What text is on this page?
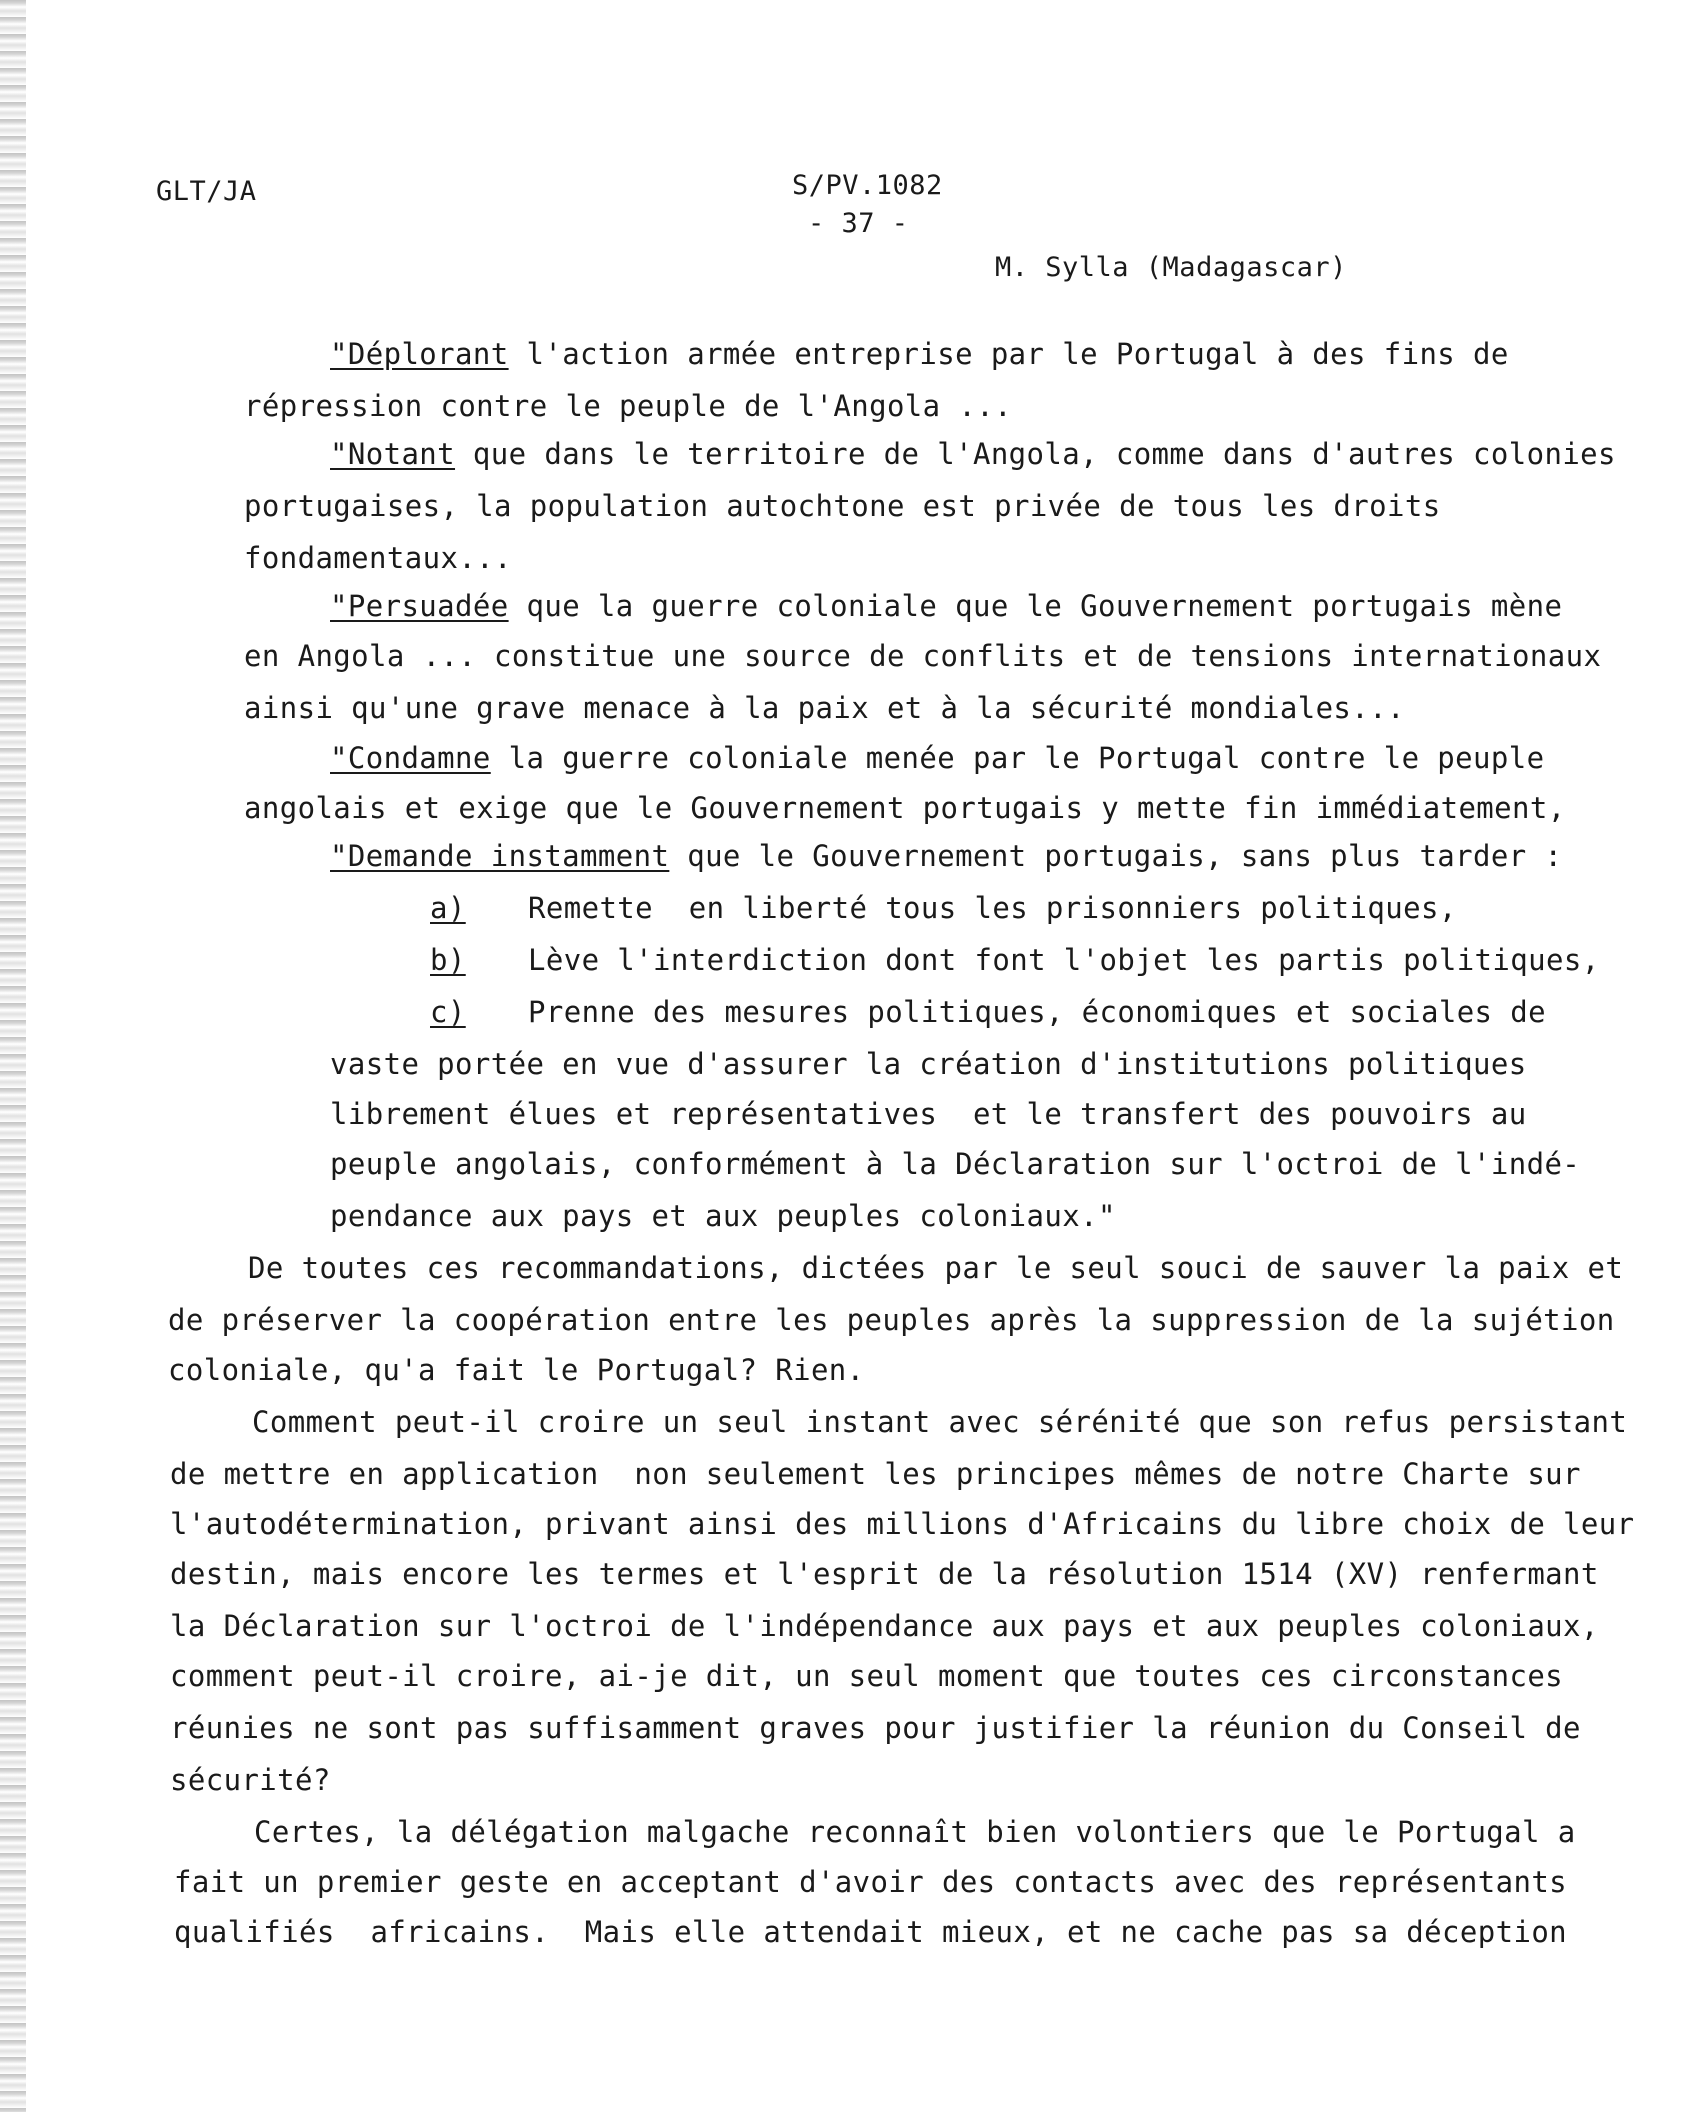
GLT/JA	S/PV.1082
- 37 -
M. Sylla (Madagascar)
"Déplorant l'action armée entreprise par le Portugal à des fins de
répression contre le peuple de l'Angola ...
"Notant que dans le territoire de l'Angola, comme dans d'autres colonies
portugaises, la population autochtone est privée de tous les droits
fondamentaux...
"Persuadée que la guerre coloniale que le Gouvernement portugais mène
en Angola ... constitue une source de conflits et de tensions internationaux
ainsi qu'une grave menace à la paix et à la sécurité mondiales...
"Condamne la guerre coloniale menée par le Portugal contre le peuple
angolais et exige que le Gouvernement portugais y mette fin immédiatement,
"Demande instamment que le Gouvernement portugais, sans plus tarder :
a) Remette  en liberté tous les prisonniers politiques,
b) Lève l'interdiction dont font l'objet les partis politiques,
c) Prenne des mesures politiques, économiques et sociales de
vaste portée en vue d'assurer la création d'institutions politiques
librement élues et représentatives  et le transfert des pouvoirs au
peuple angolais, conformément à la Déclaration sur l'octroi de l'indé-
pendance aux pays et aux peuples coloniaux."
De toutes ces recommandations, dictées par le seul souci de sauver la paix et
de préserver la coopération entre les peuples après la suppression de la sujétion
coloniale, qu'a fait le Portugal? Rien.
Comment peut-il croire un seul instant avec sérénité que son refus persistant
de mettre en application  non seulement les principes mêmes de notre Charte sur
l'autodétermination, privant ainsi des millions d'Africains du libre choix de leur
destin, mais encore les termes et l'esprit de la résolution 1514 (XV) renfermant
la Déclaration sur l'octroi de l'indépendance aux pays et aux peuples coloniaux,
comment peut-il croire, ai-je dit, un seul moment que toutes ces circonstances
réunies ne sont pas suffisamment graves pour justifier la réunion du Conseil de
sécurité?
Certes, la délégation malgache reconnaît bien volontiers que le Portugal a
fait un premier geste en acceptant d'avoir des contacts avec des représentants
qualifiés  africains.  Mais elle attendait mieux, et ne cache pas sa déception
